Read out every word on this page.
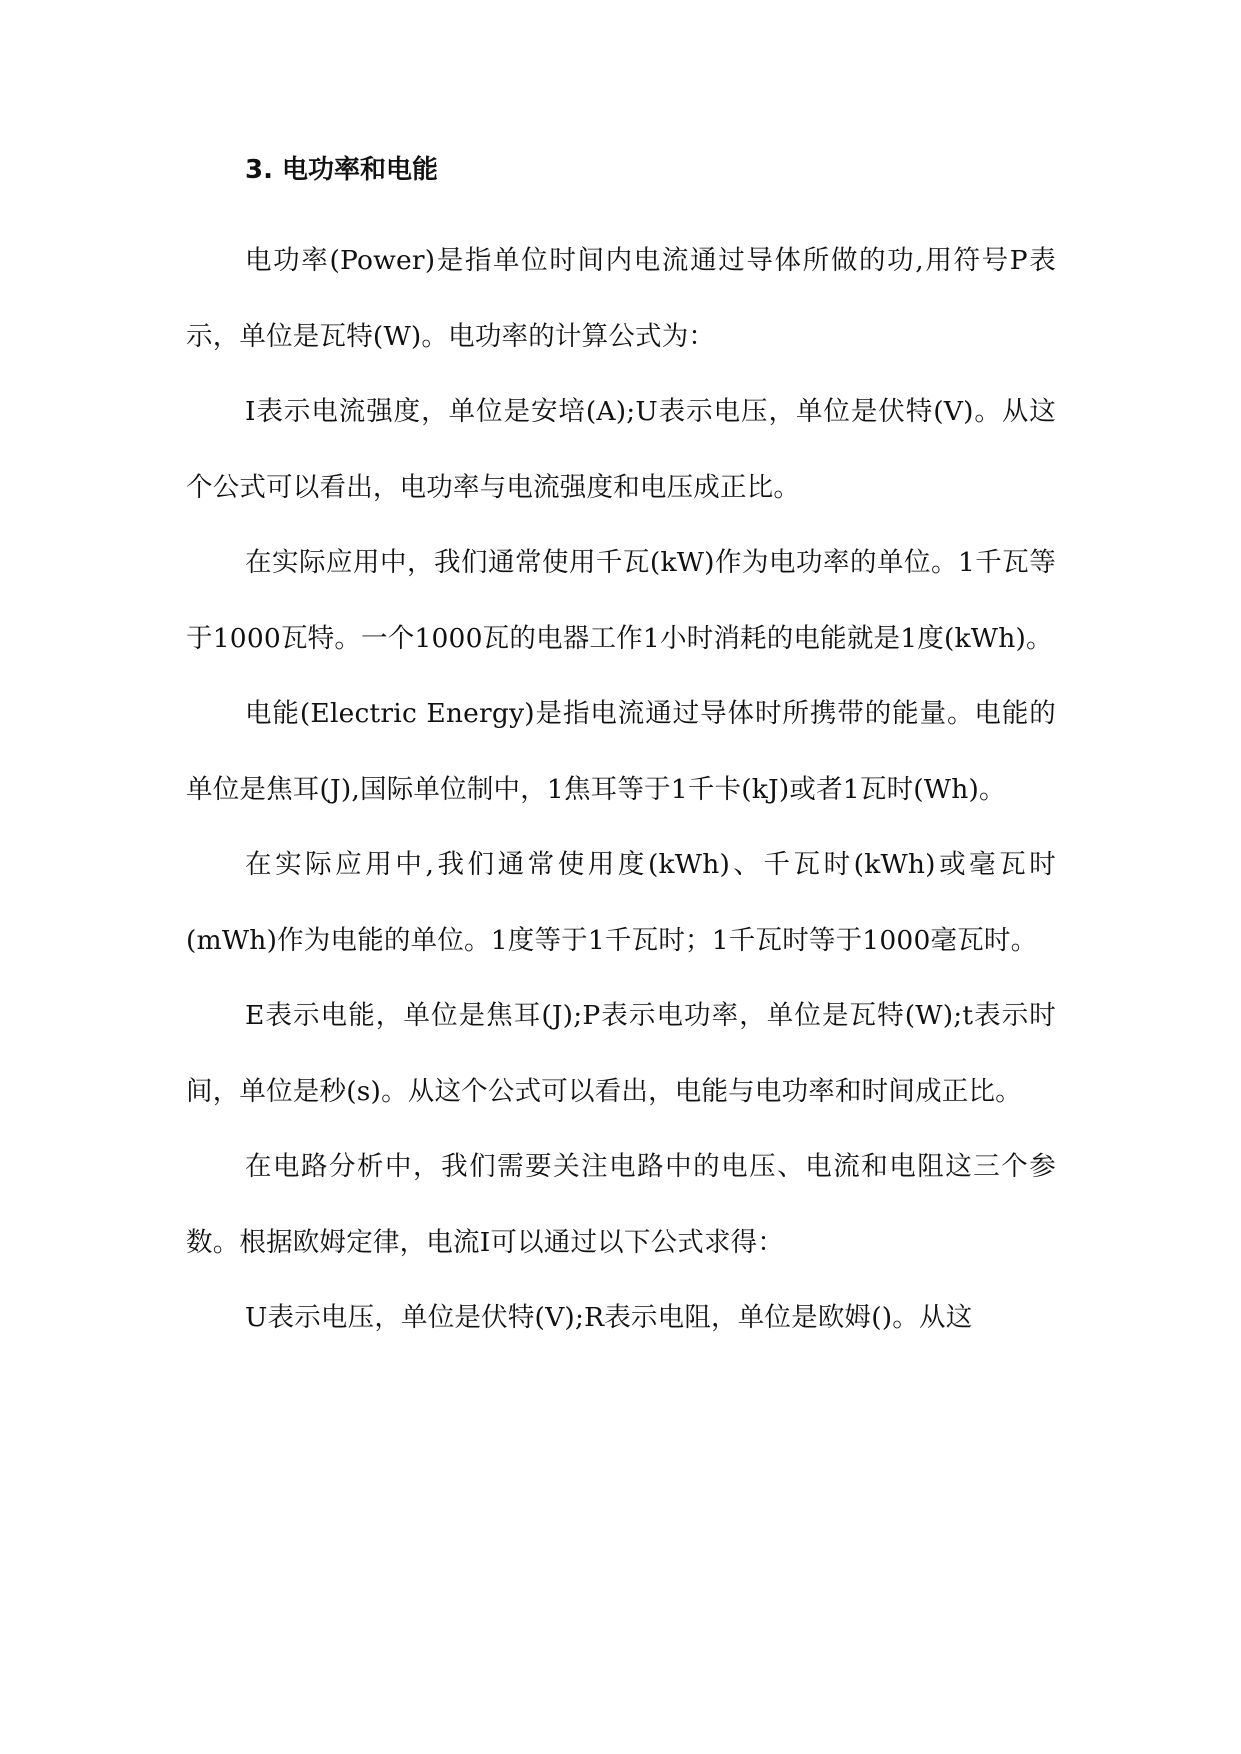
3. 电功率和电能

电功率(Power)是指单位时间内电流通过导体所做的功,用符号P表示，单位是瓦特(W)。电功率的计算公式为：

I表示电流强度，单位是安培(A);U表示电压，单位是伏特(V)。从这个公式可以看出，电功率与电流强度和电压成正比。

在实际应用中，我们通常使用千瓦(kW)作为电功率的单位。1千瓦等于1000瓦特。一个1000瓦的电器工作1小时消耗的电能就是1度(kWh)。

电能(Electric Energy)是指电流通过导体时所携带的能量。电能的单位是焦耳(J),国际单位制中，1焦耳等于1千卡(kJ)或者1瓦时(Wh)。

在实际应用中,我们通常使用度(kWh)、千瓦时(kWh)或毫瓦时(mWh)作为电能的单位。1度等于1千瓦时；1千瓦时等于1000毫瓦时。

E表示电能，单位是焦耳(J);P表示电功率，单位是瓦特(W);t表示时间，单位是秒(s)。从这个公式可以看出，电能与电功率和时间成正比。

在电路分析中，我们需要关注电路中的电压、电流和电阻这三个参数。根据欧姆定律，电流I可以通过以下公式求得：

U表示电压，单位是伏特(V);R表示电阻，单位是欧姆()。从这
